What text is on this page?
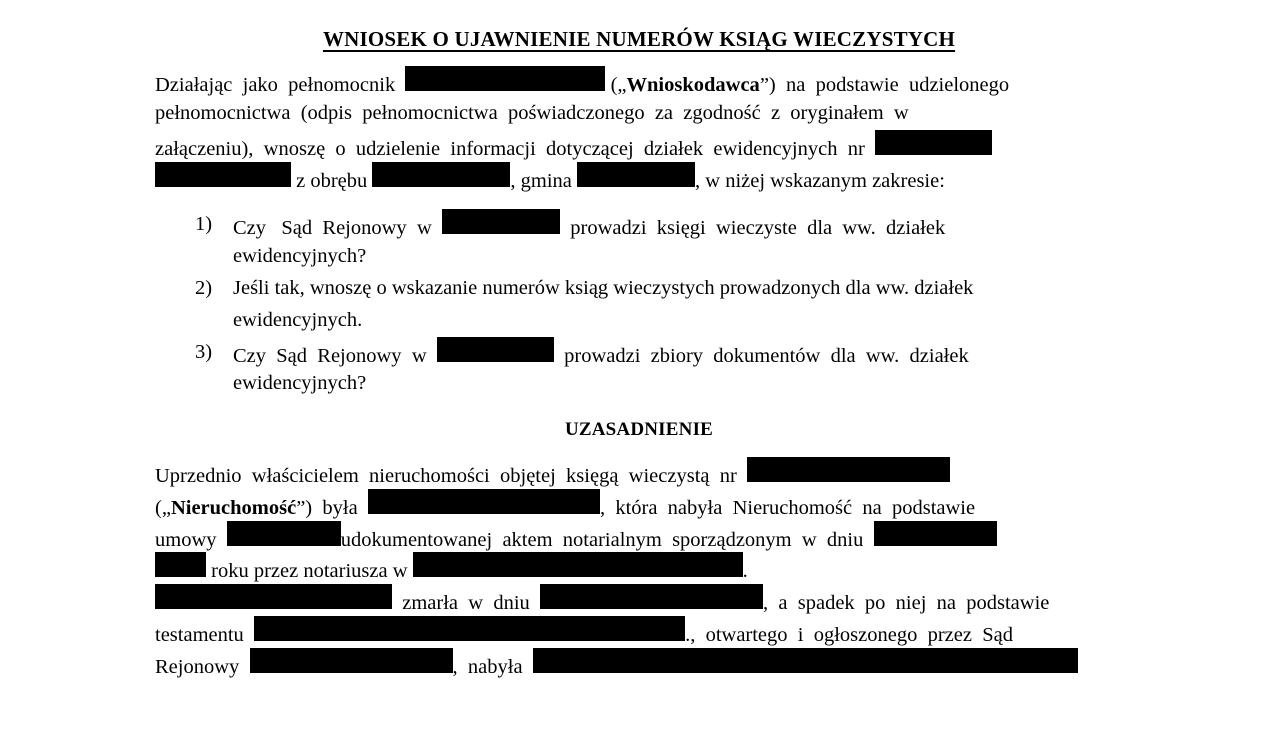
WNIOSEK O UJAWNIENIE NUMERÓW KSIĄG WIECZYSTYCH
Działając  jako  pełnomocnik

	(„ Wnioskodawca ”)  na  podstawie  udzielonego
pełnomocnictwa  (odpis  pełnomocnictwa  poświadczonego  za  zgodność  z  oryginałem  w
załączeniu),  wnoszę  o  udzielenie  informacji  dotyczącej  działek  ewidencyjnych  nr

z obrębu
	, gmina
	, w niżej wskazanym zakresie:
1)	Czy
Sąd
Rejonowy
w

	prowadzi
księgi
wieczyste
dla
ww.
działek
ewidencyjnych?
2)	Jeśli tak, wnoszę o wskazanie numerów ksiąg wieczystych prowadzonych dla ww. działek
ewidencyjnych.
3)	Czy
Sąd
Rejonowy
w

	prowadzi
zbiory
dokumentów
dla
ww.
działek
ewidencyjnych?
UZASADNIENIE
Uprzednio
właścicielem
nieruchomości
objętej
księgą
wieczystą
nr

(„ Nieruchomość ”)  była
	,  która  nabyła  Nieruchomość  na  podstawie
umowy
	udokumentowanej  aktem  notarialnym  sporządzonym  w  dniu

roku przez notariusza w
	.

zmarła  w  dniu
	,  a  spadek  po  niej  na  podstawie
testamentu
	.,  otwartego  i  ogłoszonego  przez  Sąd
Rejonowy
	,  nabyła
